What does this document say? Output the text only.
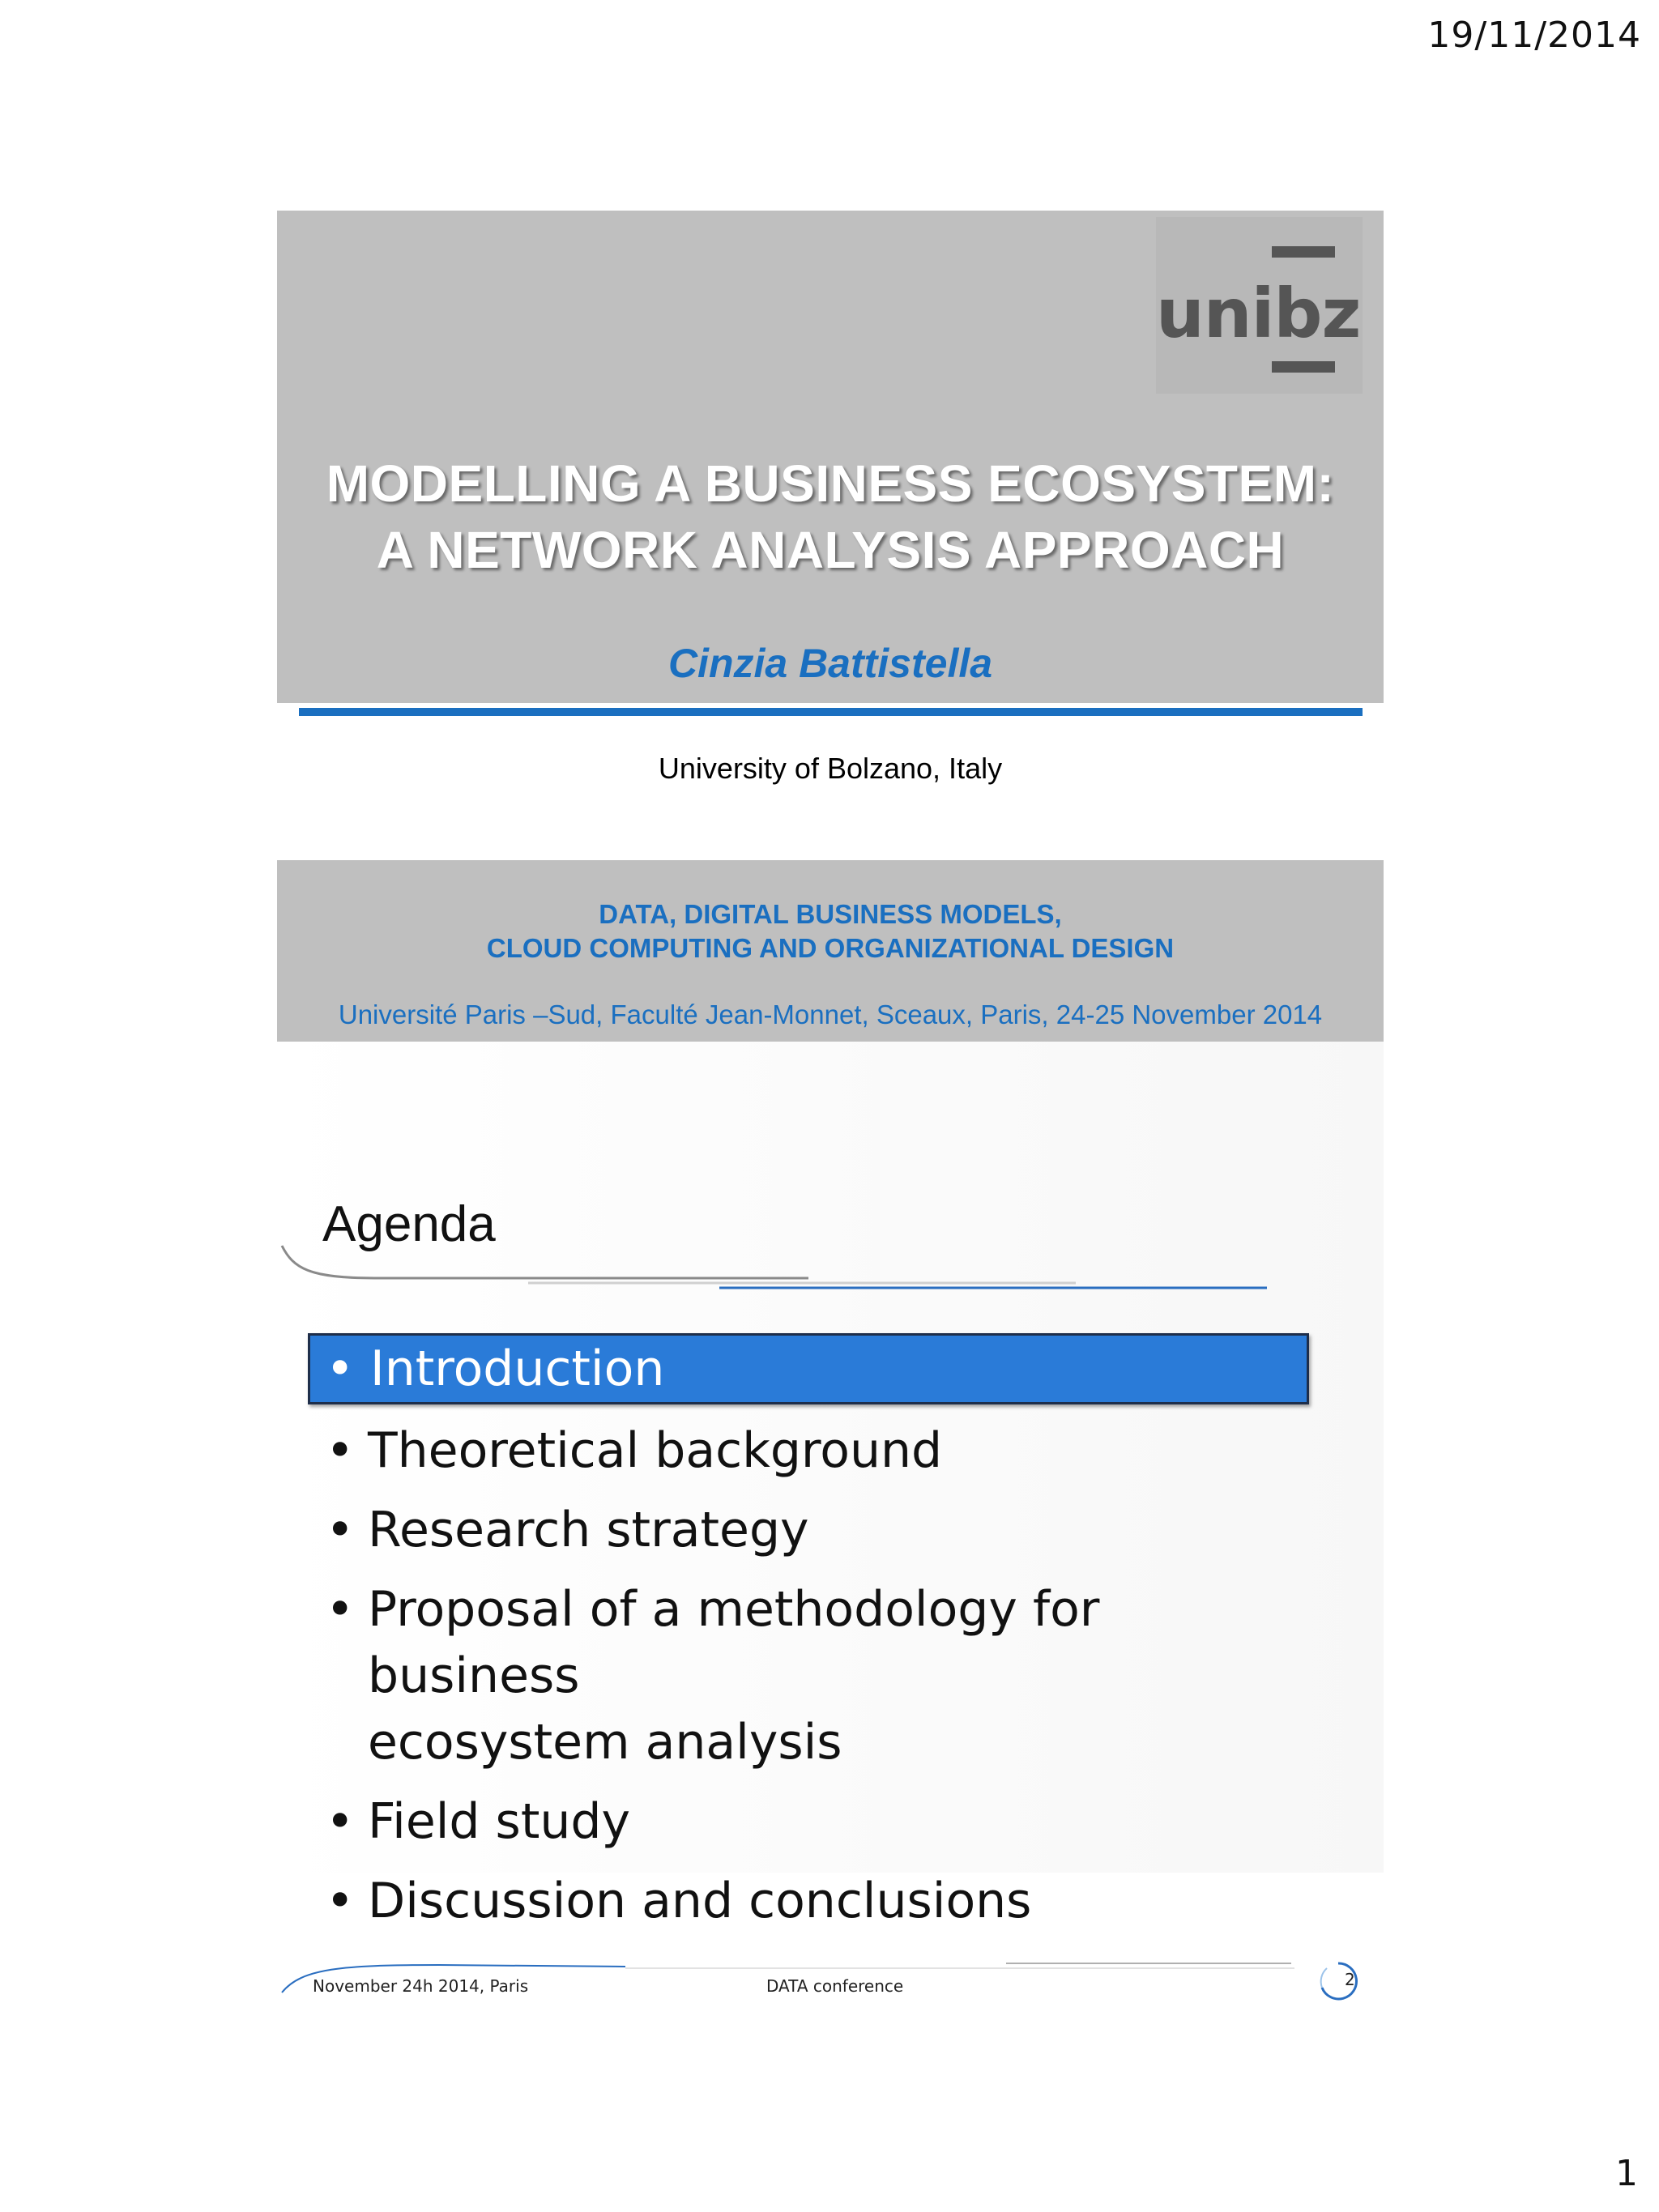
19/11/2014
unibz
MODELLING A BUSINESS ECOSYSTEM:
A NETWORK ANALYSIS APPROACH
Cinzia Battistella
University of Bolzano, Italy
DATA, DIGITAL BUSINESS MODELS,
CLOUD COMPUTING AND ORGANIZATIONAL DESIGN
Université Paris –Sud, Faculté Jean-Monnet, Sceaux, Paris, 24-25 November 2014
Agenda
• Introduction
• Theoretical background
• Research strategy
• Proposal of a methodology for business
ecosystem analysis
• Field study
• Discussion and conclusions
November 24h 2014, Paris	DATA conference	2
1
